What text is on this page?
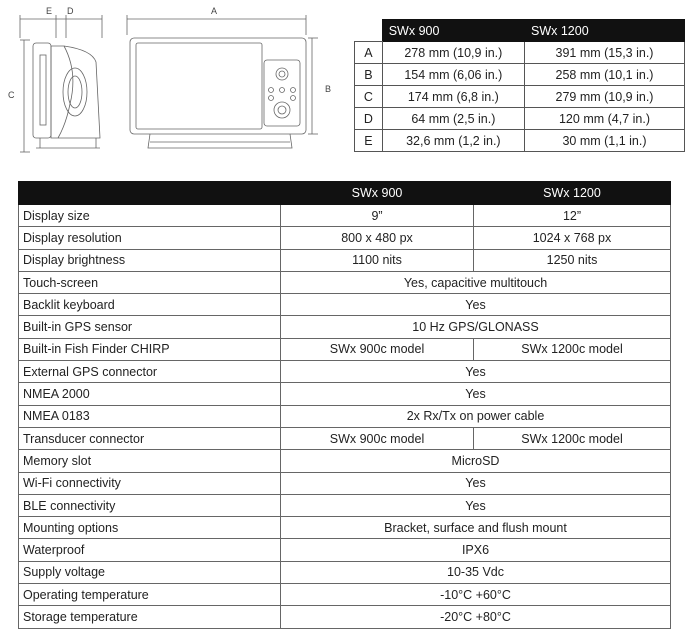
E D	A
C
B
	SWx 900	SWx 1200
A	278 mm (10,9 in.)	391 mm (15,3 in.)
B	154 mm (6,06 in.)	258 mm (10,1 in.)
C	174 mm (6,8 in.)	279 mm (10,9 in.)
D	64 mm (2,5 in.)	120 mm (4,7 in.)
E	32,6 mm (1,2 in.)	30 mm (1,1 in.)
	SWx 900	SWx 1200
Display size	9”	12”
Display resolution	800 x 480 px	1024 x 768 px
Display brightness	1100 nits	1250 nits
Touch-screen	Yes, capacitive multitouch	
Backlit keyboard	Yes	
Built-in GPS sensor	10 Hz GPS/GLONASS	
Built-in Fish Finder CHIRP	SWx 900c model	SWx 1200c model
External GPS connector	Yes	
NMEA 2000	Yes	
NMEA 0183	2x Rx/Tx on power cable	
Transducer connector	SWx 900c model	SWx 1200c model
Memory slot	MicroSD	
Wi-Fi connectivity	Yes	
BLE connectivity	Yes	
Mounting options	Bracket, surface and flush mount	
Waterproof	IPX6	
Supply voltage	10-35 Vdc	
Operating temperature	-10°C +60°C	
Storage temperature	-20°C +80°C	
